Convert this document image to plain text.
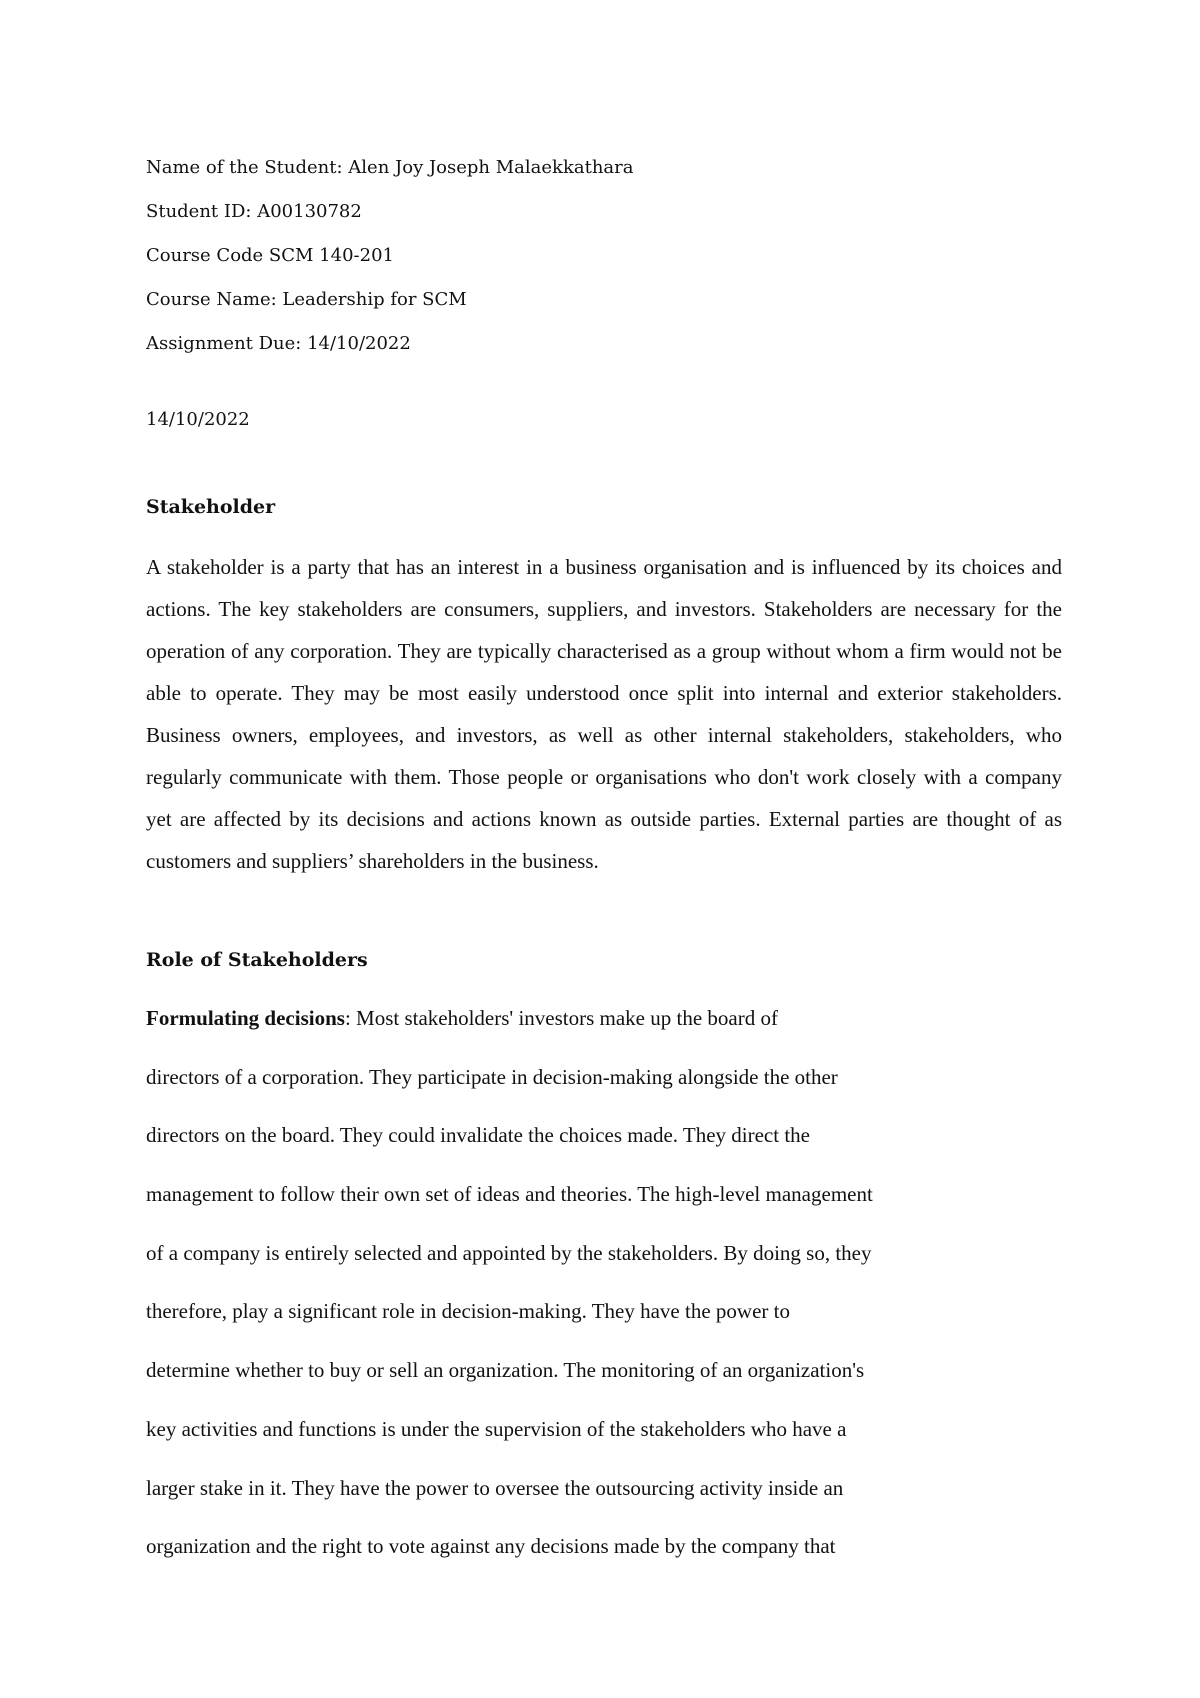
Name of the Student: Alen Joy Joseph Malaekkathara
Student ID: A00130782
Course Code SCM 140-201
Course Name: Leadership for SCM
Assignment Due: 14/10/2022
14/10/2022
Stakeholder
A stakeholder is a party that has an interest in a business organisation and is influenced by its choices and actions. The key stakeholders are consumers, suppliers, and investors. Stakeholders are necessary for the operation of any corporation. They are typically characterised as a group without whom a firm would not be able to operate. They may be most easily understood once split into internal and exterior stakeholders. Business owners, employees, and investors, as well as other internal stakeholders, stakeholders, who regularly communicate with them. Those people or organisations who don't work closely with a company yet are affected by its decisions and actions known as outside parties. External parties are thought of as customers and suppliers’ shareholders in the business.
Role of Stakeholders
Formulating decisions: Most stakeholders' investors make up the board of
directors of a corporation. They participate in decision-making alongside the other
directors on the board. They could invalidate the choices made. They direct the
management to follow their own set of ideas and theories. The high-level management
of a company is entirely selected and appointed by the stakeholders. By doing so, they
therefore, play a significant role in decision-making. They have the power to
determine whether to buy or sell an organization. The monitoring of an organization's
key activities and functions is under the supervision of the stakeholders who have a
larger stake in it. They have the power to oversee the outsourcing activity inside an
organization and the right to vote against any decisions made by the company that
